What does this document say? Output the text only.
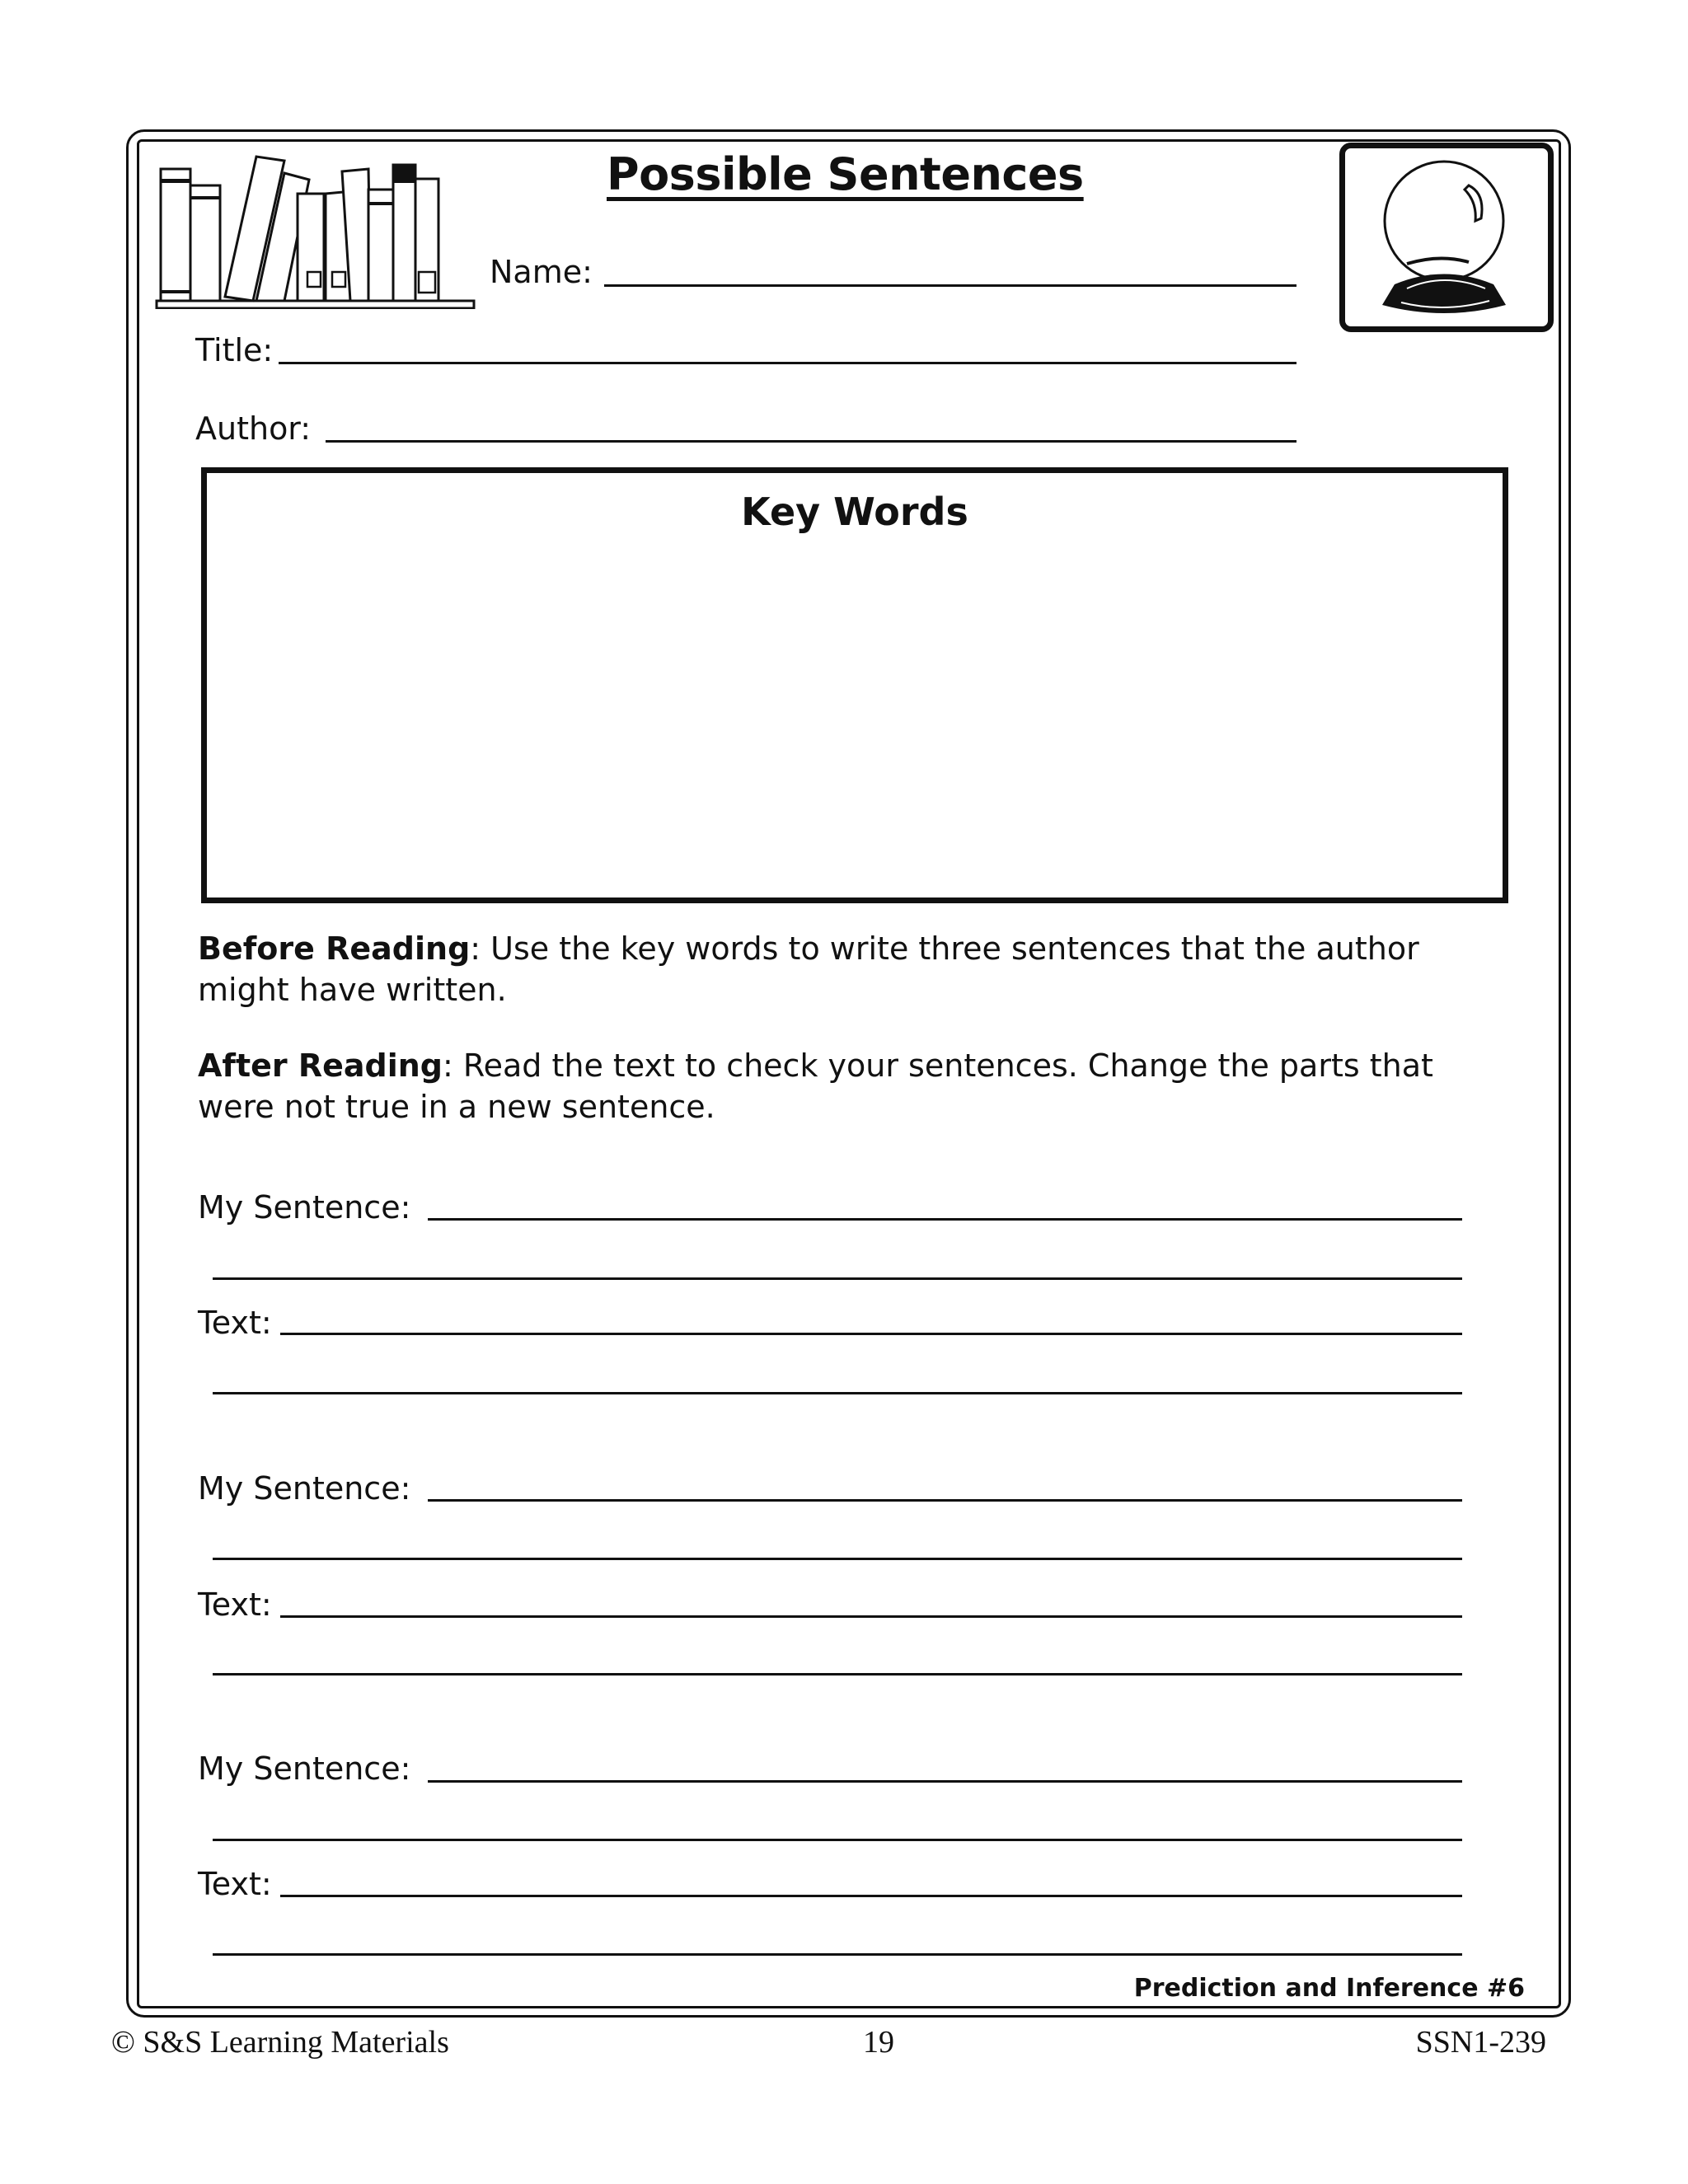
Possible Sentences
Name:
Title:
Author:
Key Words
Before Reading: Use the key words to write three sentences that the author might have written.
After Reading: Read the text to check your sentences. Change the parts that were not true in a new sentence.
My Sentence:
Text:
My Sentence:
Text:
My Sentence:
Text:
Prediction and Inference #6
© S&S Learning Materials	19	SSN1-239
